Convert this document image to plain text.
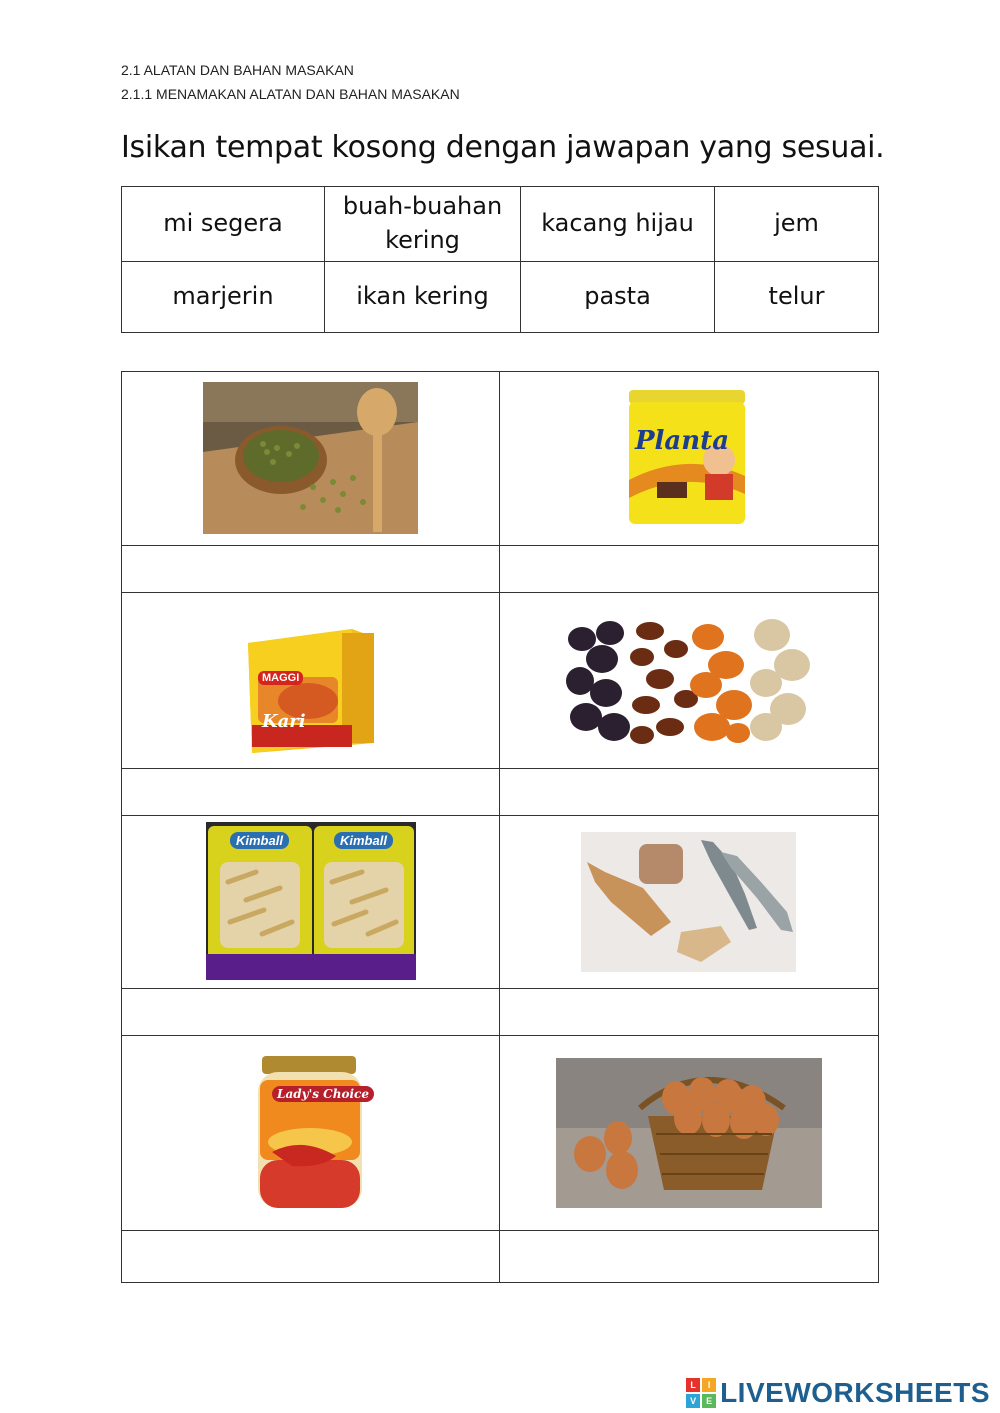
2.1 ALATAN DAN BAHAN MASAKAN
2.1.1 MENAMAKAN ALATAN DAN BAHAN MASAKAN
Isikan tempat kosong dengan jawapan yang sesuai.
mi segera	buah-buahan kering	kacang hijau	jem
marjerin	ikan kering	pasta	telur

Planta

MAGGI
Kari

Kimball Kimball

Lady's Choice

L	I
V	E LIVEWORKSHEETS
